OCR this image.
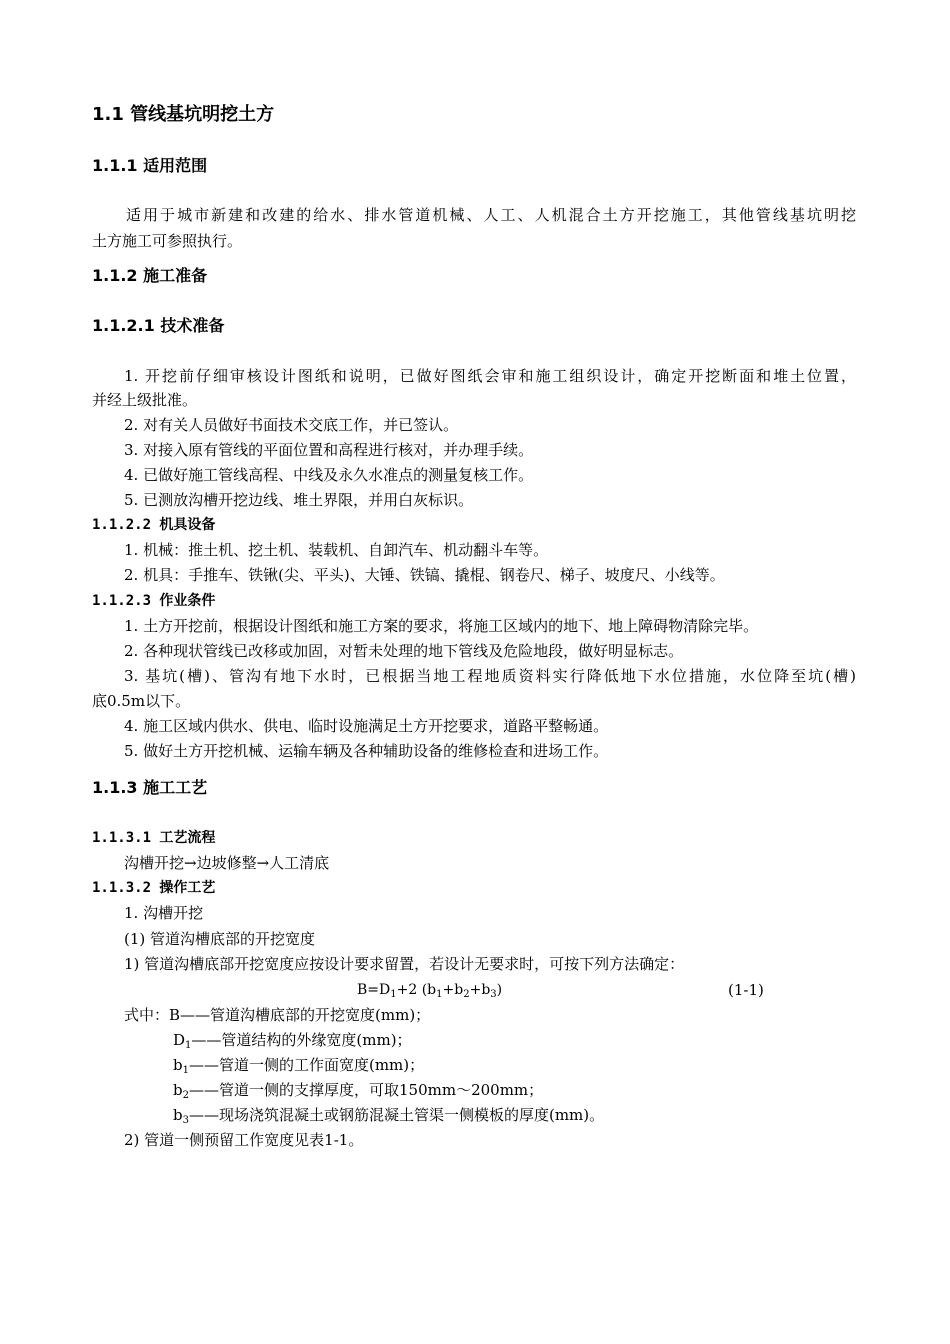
1.1 管线基坑明挖土方
1.1.1 适用范围
适用于城市新建和改建的给水、排水管道机械、人工、人机混合土方开挖施工，其他管线基坑明挖
土方施工可参照执行。
1.1.2 施工准备
1.1.2.1 技术准备
1. 开挖前仔细审核设计图纸和说明，已做好图纸会审和施工组织设计，确定开挖断面和堆土位置，
并经上级批准。
2. 对有关人员做好书面技术交底工作，并已签认。
3. 对接入原有管线的平面位置和高程进行核对，并办理手续。
4. 已做好施工管线高程、中线及永久水准点的测量复核工作。
5. 已测放沟槽开挖边线、堆土界限，并用白灰标识。
1.1.2.2 机具设备
1. 机械：推土机、挖土机、装载机、自卸汽车、机动翻斗车等。
2. 机具：手推车、铁锹(尖、平头)、大锤、铁镐、撬棍、钢卷尺、梯子、坡度尺、小线等。
1.1.2.3 作业条件
1. 土方开挖前，根据设计图纸和施工方案的要求，将施工区域内的地下、地上障碍物清除完毕。
2. 各种现状管线已改移或加固，对暂未处理的地下管线及危险地段，做好明显标志。
3. 基坑(槽)、管沟有地下水时，已根据当地工程地质资料实行降低地下水位措施，水位降至坑(槽)
底0.5m以下。
4. 施工区域内供水、供电、临时设施满足土方开挖要求，道路平整畅通。
5. 做好土方开挖机械、运输车辆及各种辅助设备的维修检查和进场工作。
1.1.3 施工工艺
1.1.3.1 工艺流程
沟槽开挖→边坡修整→人工清底
1.1.3.2 操作工艺
1. 沟槽开挖
(1) 管道沟槽底部的开挖宽度
1) 管道沟槽底部开挖宽度应按设计要求留置，若设计无要求时，可按下列方法确定：
$B=D_1+2$ $(b_1+b_2+b_3)$	(1-1)
式中：B——管道沟槽底部的开挖宽度(mm)；
$D_1——$管道结构的外缘宽度(mm)；
$b_1——$管道一侧的工作面宽度(mm)；
$b_2——$管道一侧的支撑厚度，可取150mm～200mm；
$b_3——$现场浇筑混凝土或钢筋混凝土管渠一侧模板的厚度(mm)。
2) 管道一侧预留工作宽度见表1-1。
